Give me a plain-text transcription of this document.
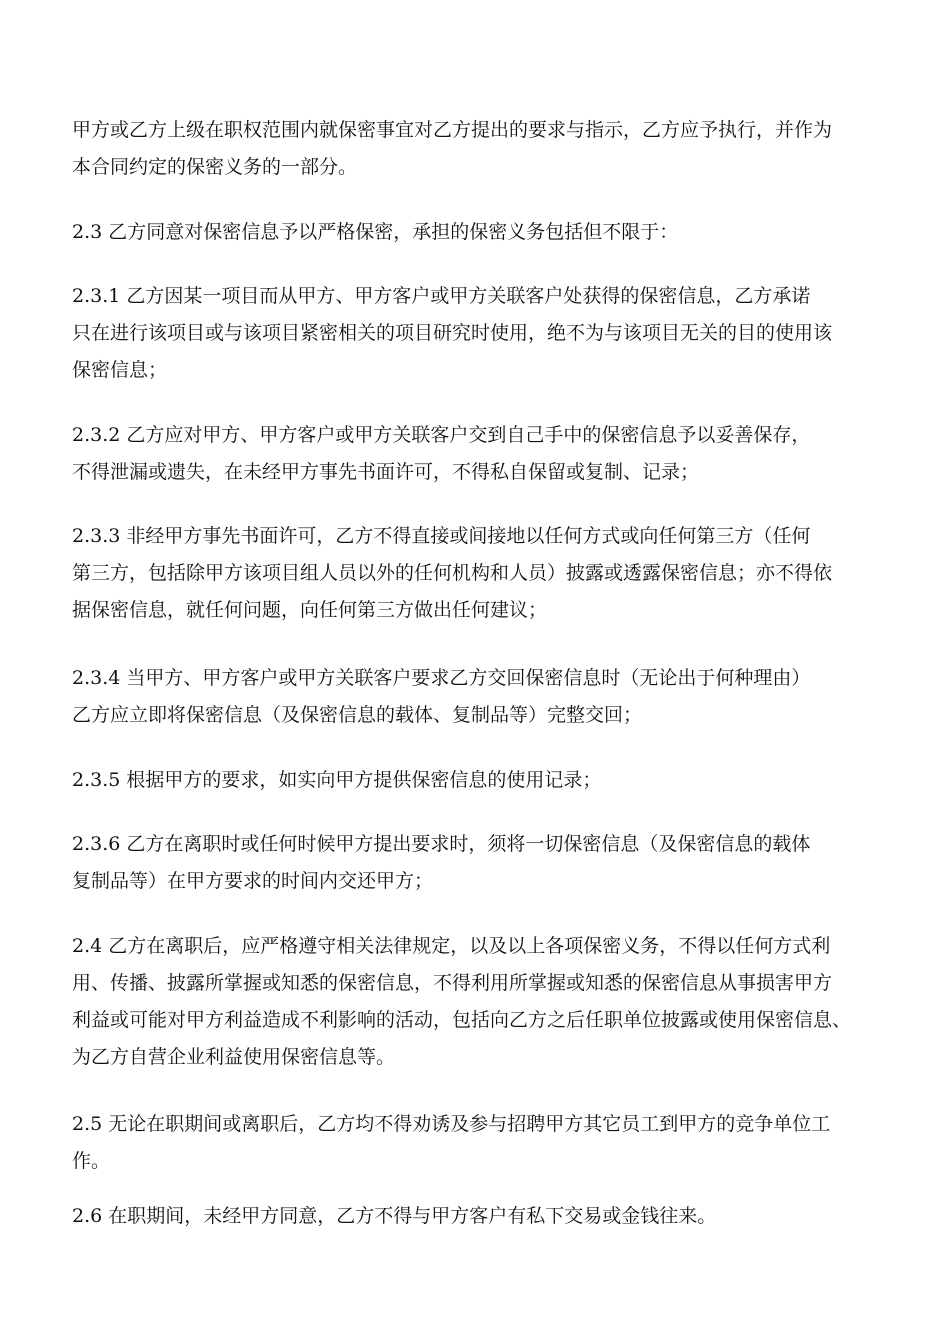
甲方或乙方上级在职权范围内就保密事宜对乙方提出的要求与指示，乙方应予执行，并作为
本合同约定的保密义务的一部分。
2.3 乙方同意对保密信息予以严格保密，承担的保密义务包括但不限于：
2.3.1 乙方因某一项目而从甲方、甲方客户或甲方关联客户处获得的保密信息，乙方承诺
只在进行该项目或与该项目紧密相关的项目研究时使用，绝不为与该项目无关的目的使用该
保密信息；
2.3.2 乙方应对甲方、甲方客户或甲方关联客户交到自己手中的保密信息予以妥善保存，
不得泄漏或遗失，在未经甲方事先书面许可，不得私自保留或复制、记录；
2.3.3 非经甲方事先书面许可，乙方不得直接或间接地以任何方式或向任何第三方（任何
第三方，包括除甲方该项目组人员以外的任何机构和人员）披露或透露保密信息；亦不得依
据保密信息，就任何问题，向任何第三方做出任何建议；
2.3.4 当甲方、甲方客户或甲方关联客户要求乙方交回保密信息时（无论出于何种理由）
乙方应立即将保密信息（及保密信息的载体、复制品等）完整交回；
2.3.5 根据甲方的要求，如实向甲方提供保密信息的使用记录；
2.3.6 乙方在离职时或任何时候甲方提出要求时，须将一切保密信息（及保密信息的载体
复制品等）在甲方要求的时间内交还甲方；
2.4 乙方在离职后，应严格遵守相关法律规定，以及以上各项保密义务，不得以任何方式利
用、传播、披露所掌握或知悉的保密信息，不得利用所掌握或知悉的保密信息从事损害甲方
利益或可能对甲方利益造成不利影响的活动，包括向乙方之后任职单位披露或使用保密信息、
为乙方自营企业利益使用保密信息等。
2.5 无论在职期间或离职后，乙方均不得劝诱及参与招聘甲方其它员工到甲方的竞争单位工
作。
2.6 在职期间，未经甲方同意，乙方不得与甲方客户有私下交易或金钱往来。
